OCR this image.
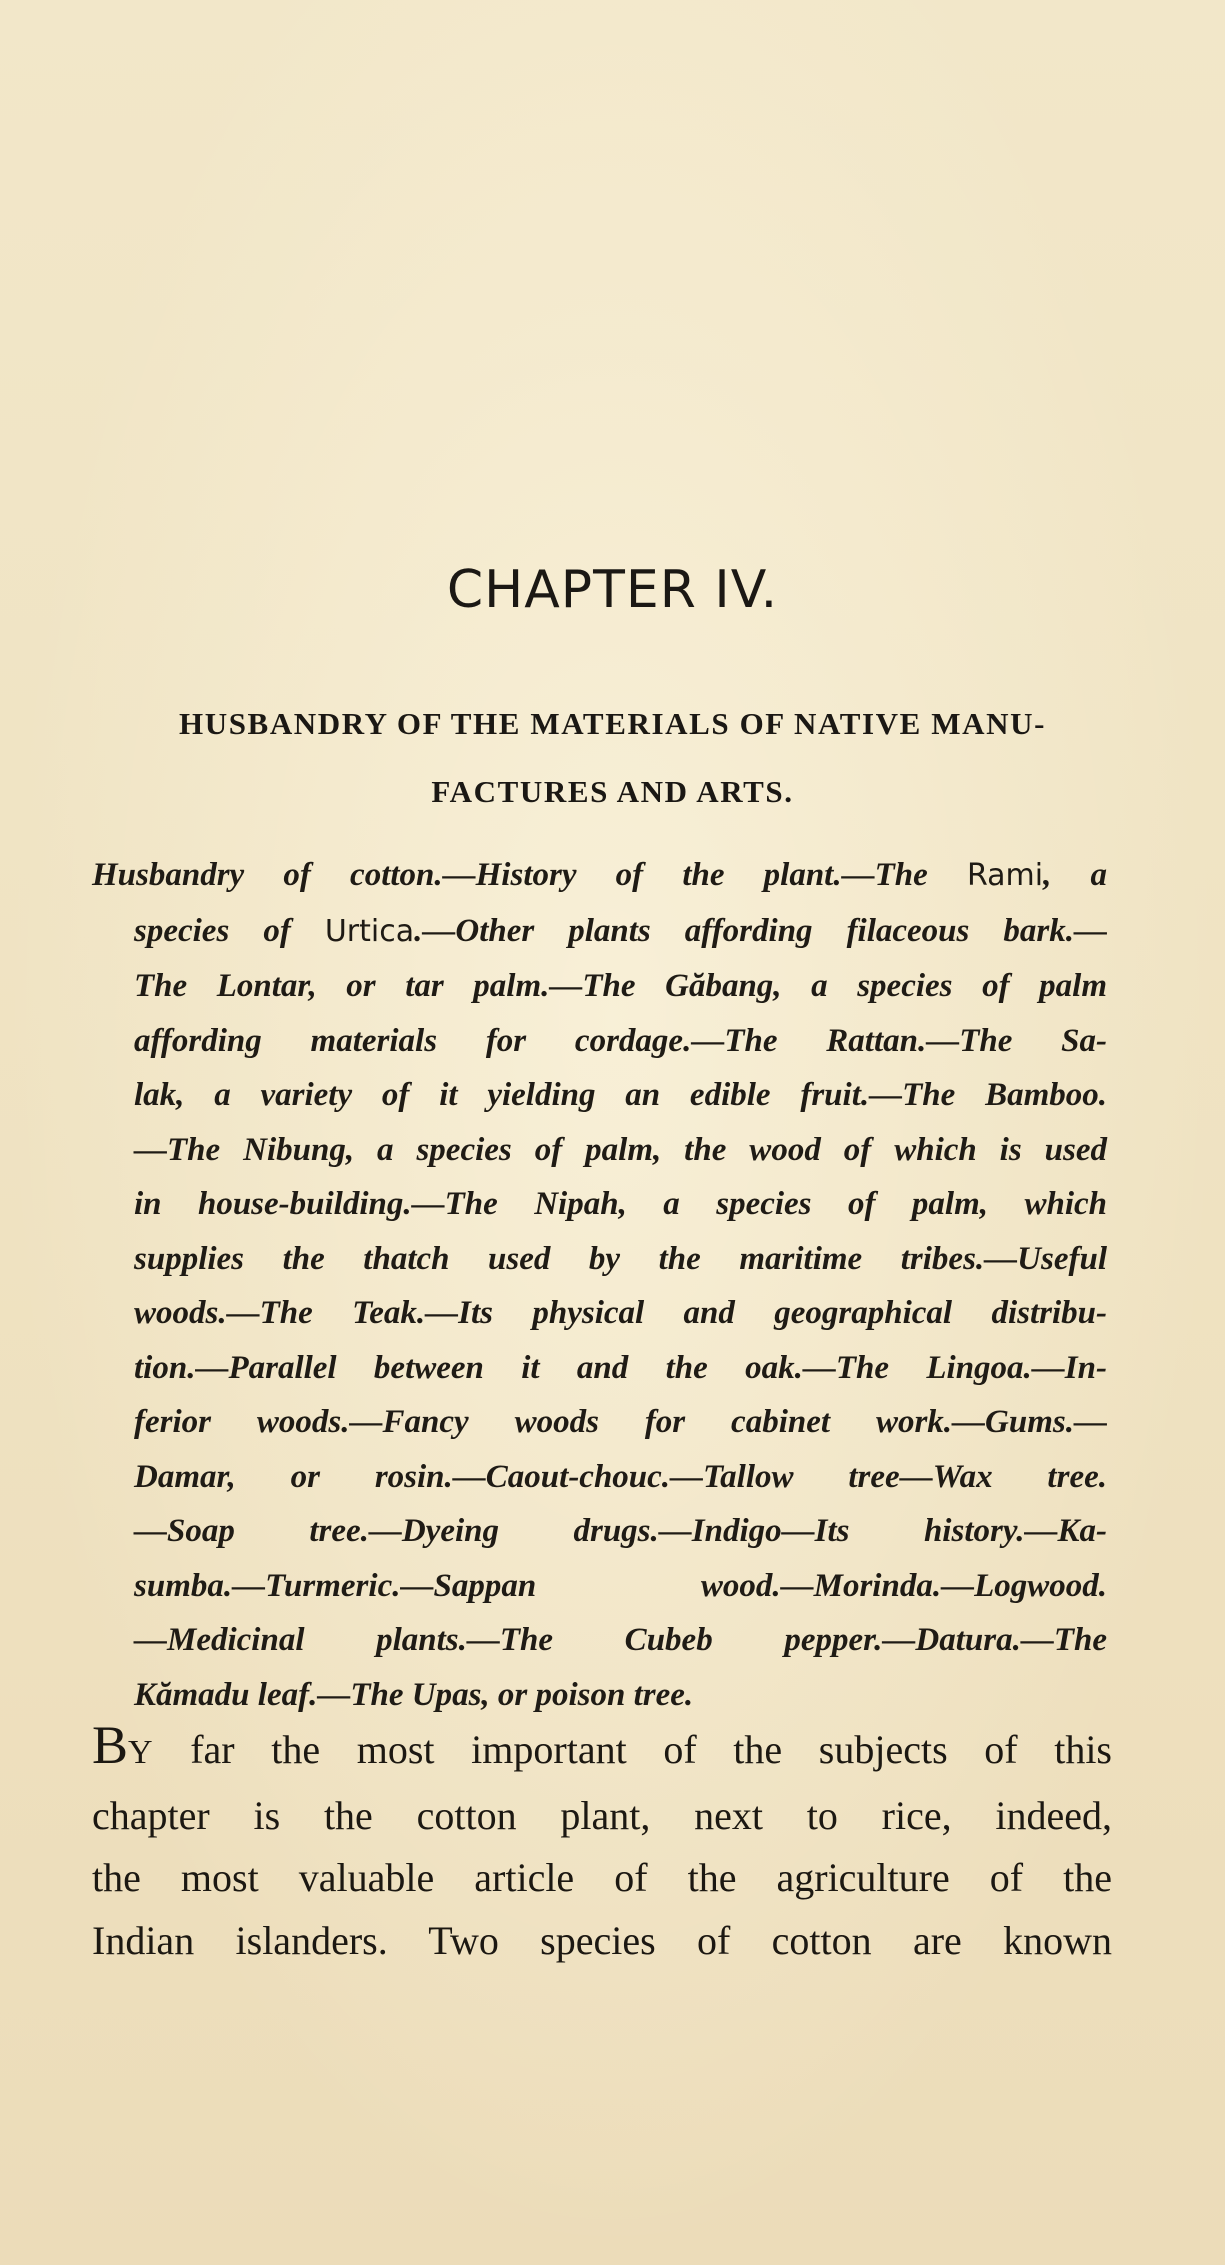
CHAPTER IV.
HUSBANDRY OF THE MATERIALS OF NATIVE MANU-
FACTURES AND ARTS.
Husbandry of cotton.—History of the plant.—The Rami, a
species of Urtica.—Other plants affording filaceous bark.—
The Lontar, or tar palm.—The Găbang, a species of palm
affording materials for cordage.—The Rattan.—The Sa-
lak, a variety of it yielding an edible fruit.—The Bamboo.
—The Nibung, a species of palm, the wood of which is used
in house-building.—The Nipah, a species of palm, which
supplies the thatch used by the maritime tribes.—Useful
woods.—The Teak.—Its physical and geographical distribu-
tion.—Parallel between it and the oak.—The Lingoa.—In-
ferior woods.—Fancy woods for cabinet work.—Gums.—
Damar, or rosin.—Caout-chouc.—Tallow tree—Wax tree.
—Soap tree.—Dyeing drugs.—Indigo—Its history.—Ka-
sumba.—Turmeric.—Sappan wood.—Morinda.—Logwood.
—Medicinal plants.—The Cubeb pepper.—Datura.—The
Kămadu leaf.—The Upas, or poison tree.
BY far the most important of the subjects of this
chapter is the cotton plant, next to rice, indeed,
the most valuable article of the agriculture of the
Indian islanders. Two species of cotton are known
